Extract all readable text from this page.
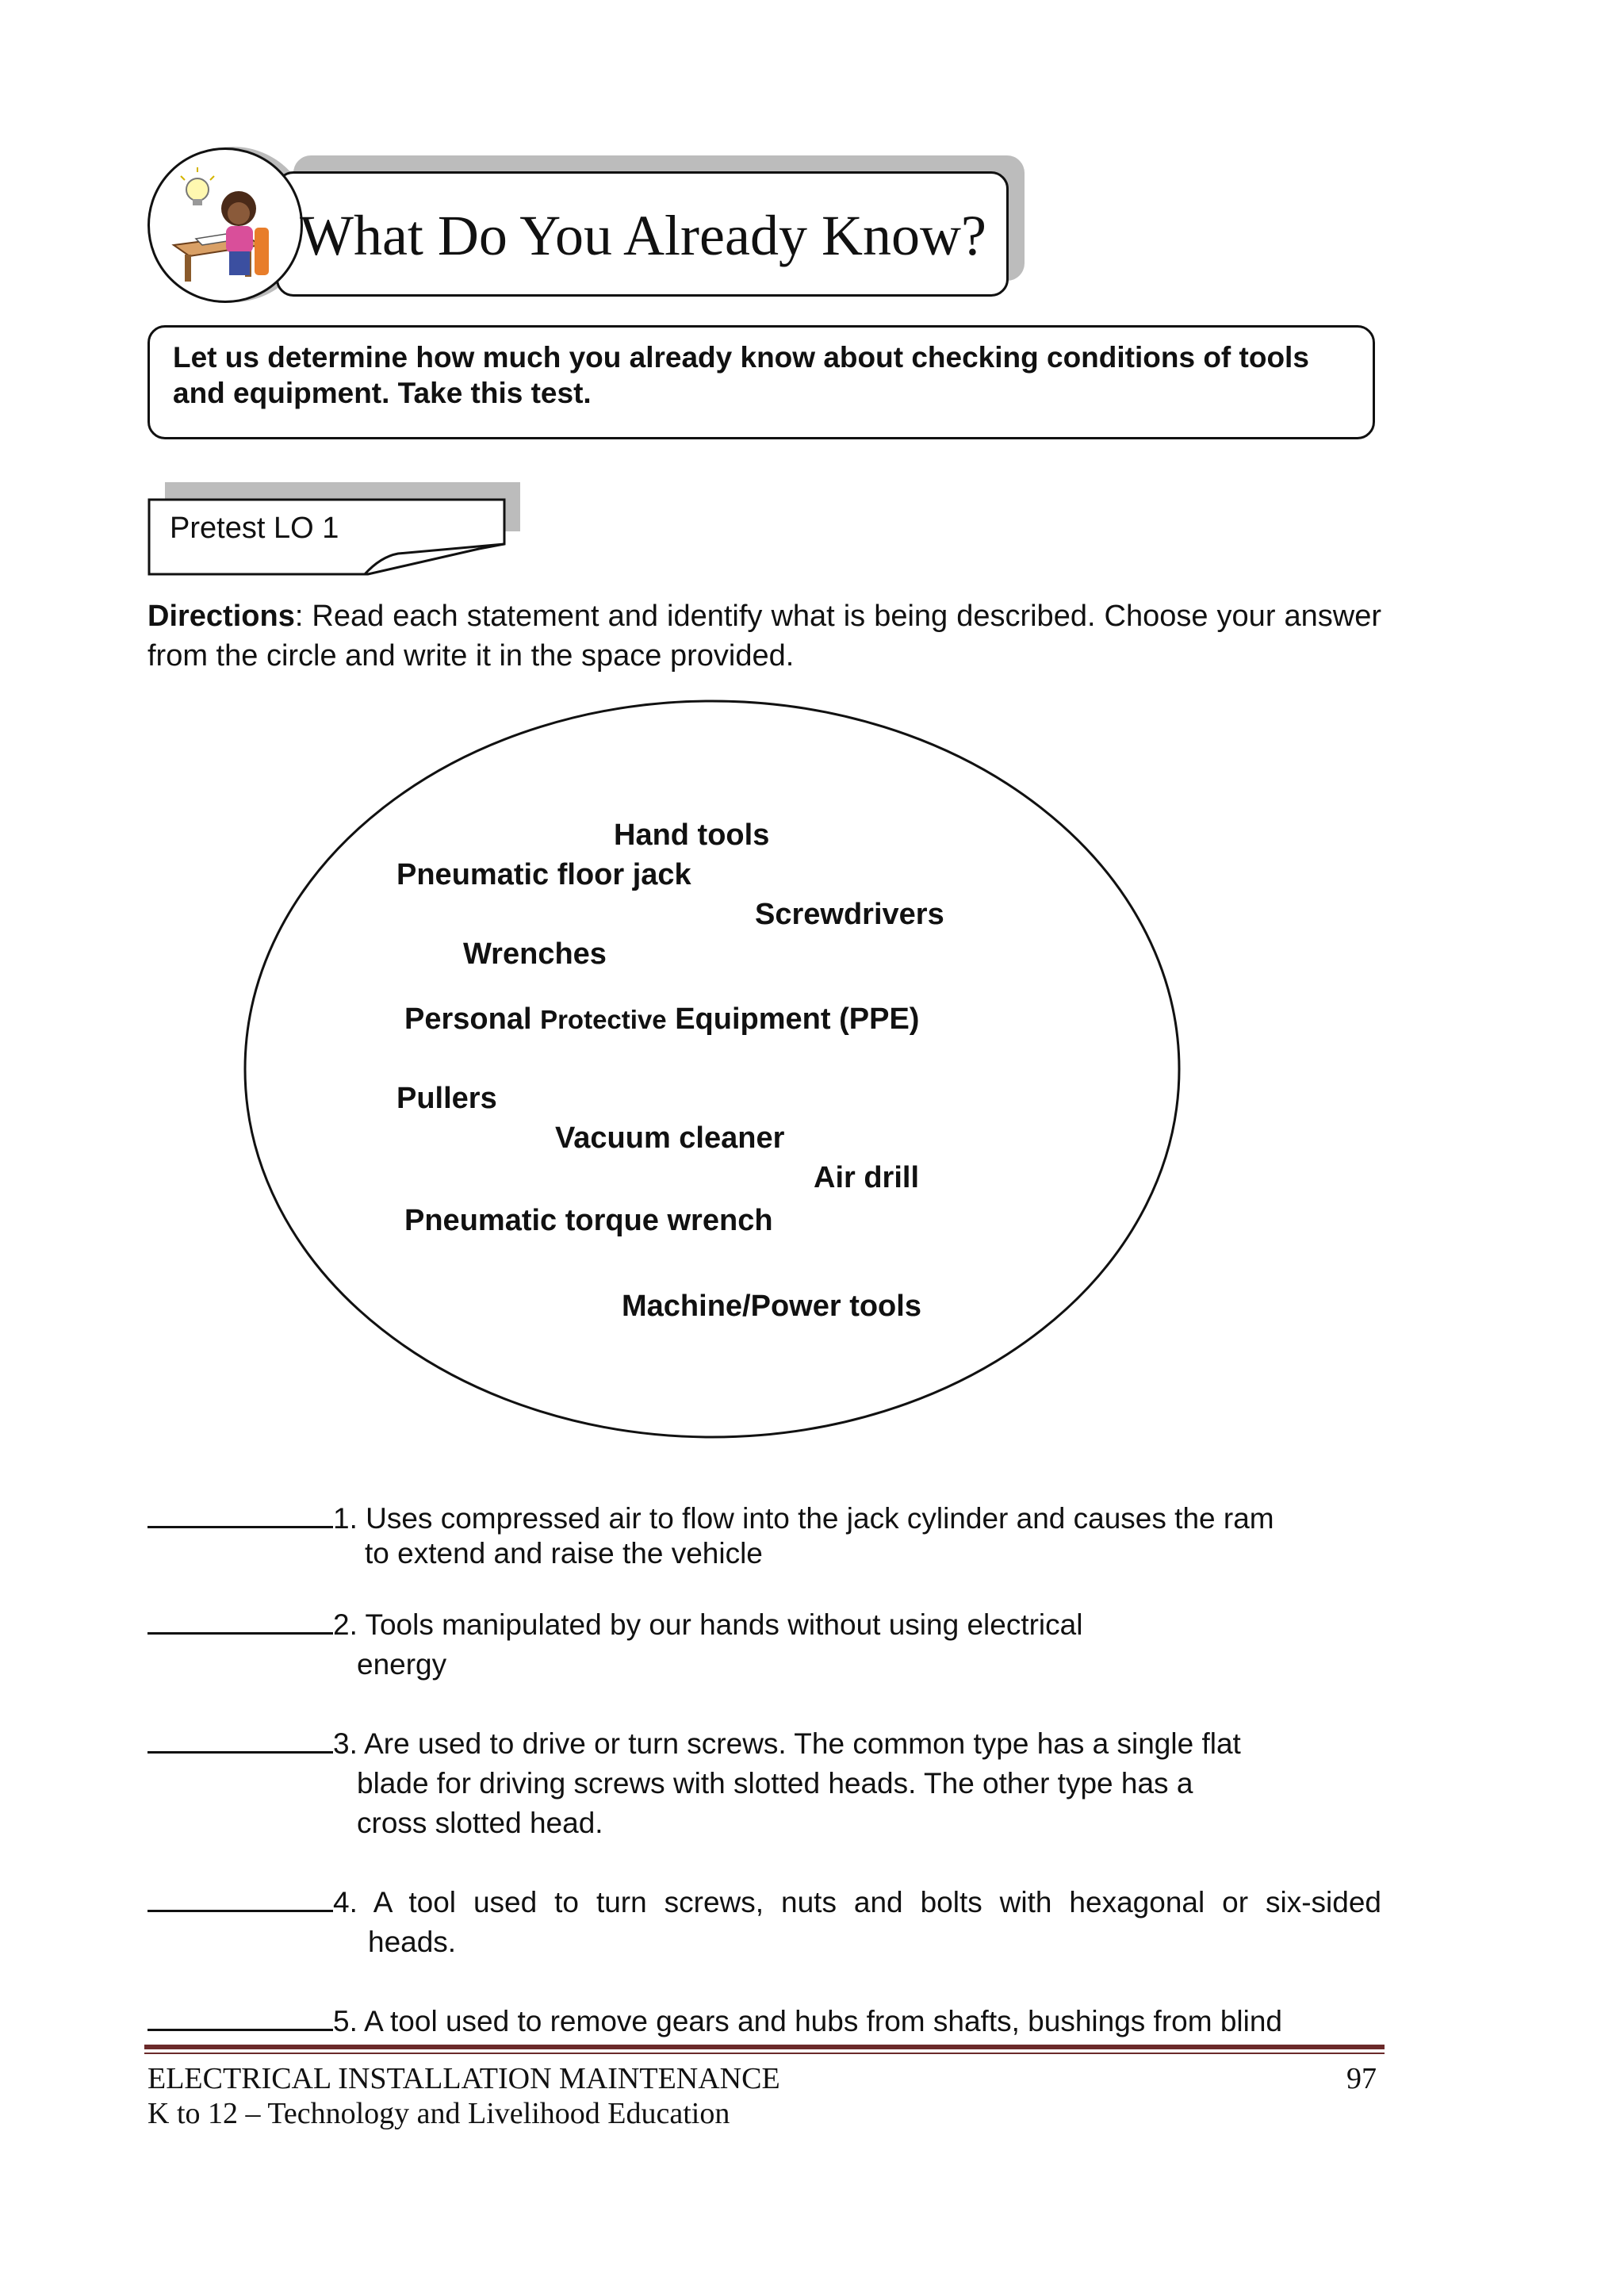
What Do You Already Know?
Let us determine how much you already know about checking conditions of tools and equipment. Take this test.
Pretest LO 1
Directions: Read each statement and identify what is being described. Choose your answer from the circle and write it in the space provided.
Hand tools
Pneumatic floor jack
Screwdrivers
Wrenches
Personal Protective Equipment (PPE)
Pullers
Vacuum cleaner
Air drill
Pneumatic torque wrench
Machine/Power tools
1. Uses compressed air to flow into the jack cylinder and causes the ram
to extend and raise the vehicle
2. Tools manipulated by our hands without using electrical
energy
3. Are used to drive or turn screws. The common type has a single flat
blade for driving screws with slotted heads. The other type has a
cross slotted head.
4. A tool used to turn screws, nuts and bolts with hexagonal or six-sided
heads.
5. A tool used to remove gears and hubs from shafts, bushings from blind
ELECTRICAL INSTALLATION MAINTENANCE	97
K to 12 – Technology and Livelihood Education
